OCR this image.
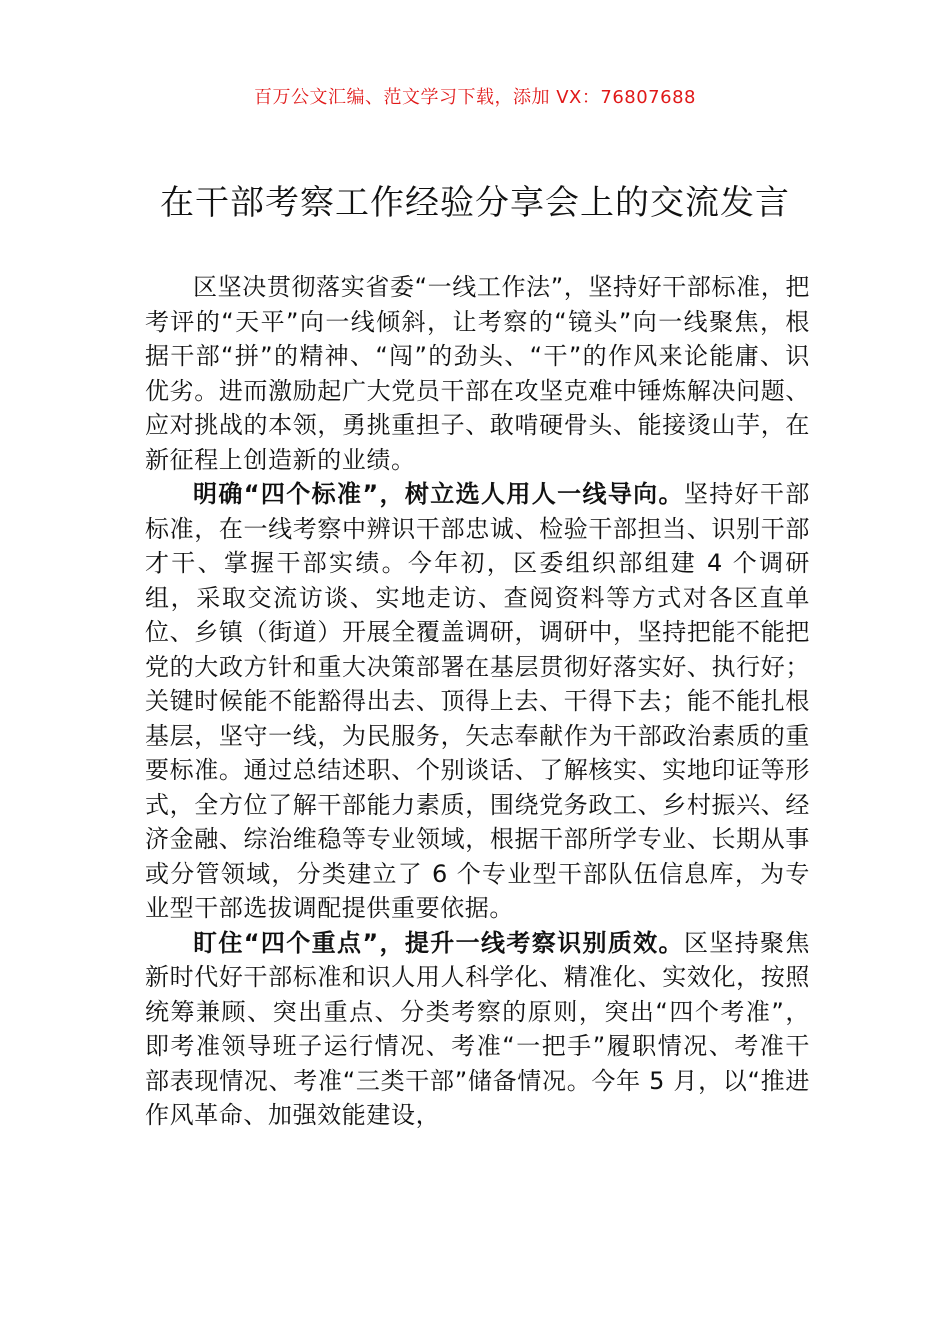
百万公文汇编、范文学习下载，添加 VX：76807688
在干部考察工作经验分享会上的交流发言

区坚决贯彻落实省委“一线工作法”，坚持好干部标准，把考评的“天平”向一线倾斜，让考察的“镜头”向一线聚焦，根据干部“拼”的精神、“闯”的劲头、“干”的作风来论能庸、识优劣。进而激励起广大党员干部在攻坚克难中锤炼解决问题、应对挑战的本领，勇挑重担子、敢啃硬骨头、能接烫山芋，在新征程上创造新的业绩。

明确“四个标准”，树立选人用人一线导向。坚持好干部标准，在一线考察中辨识干部忠诚、检验干部担当、识别干部才干、掌握干部实绩。今年初，区委组织部组建 4 个调研组，采取交流访谈、实地走访、查阅资料等方式对各区直单位、乡镇（街道）开展全覆盖调研，调研中，坚持把能不能把党的大政方针和重大决策部署在基层贯彻好落实好、执行好；关键时候能不能豁得出去、顶得上去、干得下去；能不能扎根基层，坚守一线，为民服务，矢志奉献作为干部政治素质的重要标准。通过总结述职、个别谈话、了解核实、实地印证等形式，全方位了解干部能力素质，围绕党务政工、乡村振兴、经济金融、综治维稳等专业领域，根据干部所学专业、长期从事或分管领域，分类建立了 6 个专业型干部队伍信息库，为专业型干部选拔调配提供重要依据。

盯住“四个重点”，提升一线考察识别质效。区坚持聚焦新时代好干部标准和识人用人科学化、精准化、实效化，按照统筹兼顾、突出重点、分类考察的原则，突出“四个考准”，即考准领导班子运行情况、考准“一把手”履职情况、考准干部表现情况、考准“三类干部”储备情况。今年 5 月，以“推进作风革命、加强效能建设，
